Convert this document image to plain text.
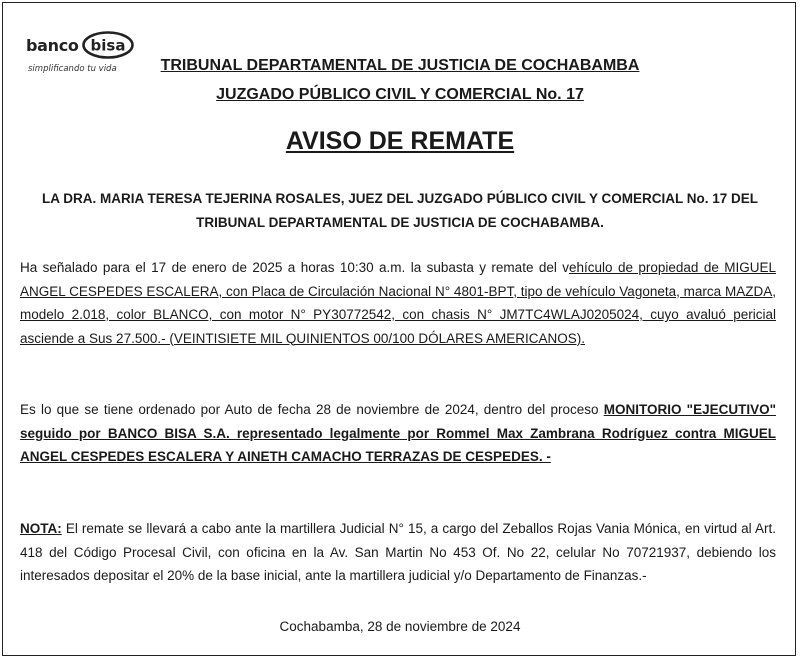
banco bisa
simplificando tu vida	TRIBUNAL DEPARTAMENTAL DE JUSTICIA DE COCHABAMBA
JUZGADO PÚBLICO CIVIL Y COMERCIAL No. 17
AVISO DE REMATE
LA DRA. MARIA TERESA TEJERINA ROSALES, JUEZ DEL JUZGADO PÚBLICO CIVIL Y COMERCIAL No. 17 DEL TRIBUNAL DEPARTAMENTAL DE JUSTICIA DE COCHABAMBA.
Ha señalado para el 17 de enero de 2025 a horas 10:30 a.m. la subasta y remate del vehículo de propiedad de MIGUEL ANGEL CESPEDES ESCALERA, con Placa de Circulación Nacional N° 4801-BPT, tipo de vehículo Vagoneta, marca MAZDA, modelo 2.018, color BLANCO, con motor N° PY30772542, con chasis N° JM7TC4WLAJ0205024, cuyo avaluó pericial asciende a Sus 27.500.- (VEINTISIETE MIL QUINIENTOS 00/100 DÓLARES AMERICANOS).
Es lo que se tiene ordenado por Auto de fecha 28 de noviembre de 2024, dentro del proceso MONITORIO "EJECUTIVO" seguido por BANCO BISA S.A. representado legalmente por Rommel Max Zambrana Rodríguez contra MIGUEL ANGEL CESPEDES ESCALERA Y AINETH CAMACHO TERRAZAS DE CESPEDES. -
NOTA: El remate se llevará a cabo ante la martillera Judicial N° 15, a cargo del Zeballos Rojas Vania Mónica, en virtud al Art. 418 del Código Procesal Civil, con oficina en la Av. San Martin No 453 Of. No 22, celular No 70721937, debiendo los interesados depositar el 20% de la base inicial, ante la martillera judicial y/o Departamento de Finanzas.-
Cochabamba, 28 de noviembre de 2024
